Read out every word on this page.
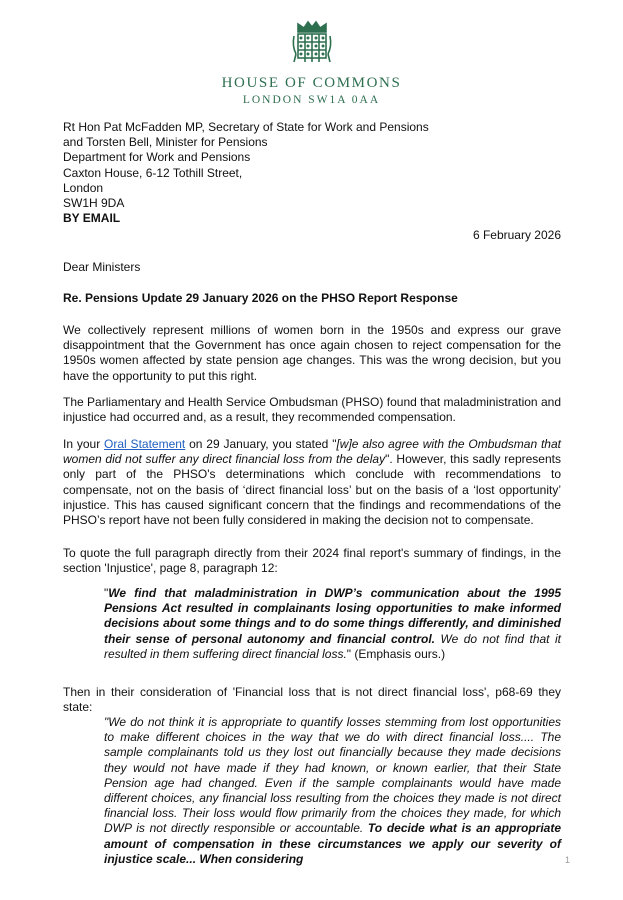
HOUSE OF COMMONS
LONDON SW1A 0AA
Rt Hon Pat McFadden MP, Secretary of State for Work and Pensions
and Torsten Bell, Minister for Pensions
Department for Work and Pensions
Caxton House, 6-12 Tothill Street,
London
SW1H 9DA
BY EMAIL
6 February 2026
Dear Ministers
Re. Pensions Update 29 January 2026 on the PHSO Report Response
We collectively represent millions of women born in the 1950s and express our grave disappointment that the Government has once again chosen to reject compensation for the 1950s women affected by state pension age changes. This was the wrong decision, but you have the opportunity to put this right.
The Parliamentary and Health Service Ombudsman (PHSO) found that maladministration and injustice had occurred and, as a result, they recommended compensation.
In your Oral Statement on 29 January, you stated "[w]e also agree with the Ombudsman that women did not suffer any direct financial loss from the delay". However, this sadly represents only part of the PHSO's determinations which conclude with recommendations to compensate, not on the basis of ‘direct financial loss’ but on the basis of a ‘lost opportunity’ injustice. This has caused significant concern that the findings and recommendations of the PHSO’s report have not been fully considered in making the decision not to compensate.
To quote the full paragraph directly from their 2024 final report's summary of findings, in the section 'Injustice', page 8, paragraph 12:
"We find that maladministration in DWP’s communication about the 1995 Pensions Act resulted in complainants losing opportunities to make informed decisions about some things and to do some things differently, and diminished their sense of personal autonomy and financial control. We do not find that it resulted in them suffering direct financial loss." (Emphasis ours.)
Then in their consideration of 'Financial loss that is not direct financial loss', p68-69 they state:
"We do not think it is appropriate to quantify losses stemming from lost opportunities to make different choices in the way that we do with direct financial loss.... The sample complainants told us they lost out financially because they made decisions they would not have made if they had known, or known earlier, that their State Pension age had changed. Even if the sample complainants would have made different choices, any financial loss resulting from the choices they made is not direct financial loss. Their loss would flow primarily from the choices they made, for which DWP is not directly responsible or accountable. To decide what is an appropriate amount of compensation in these circumstances we apply our severity of injustice scale... When considering	1
